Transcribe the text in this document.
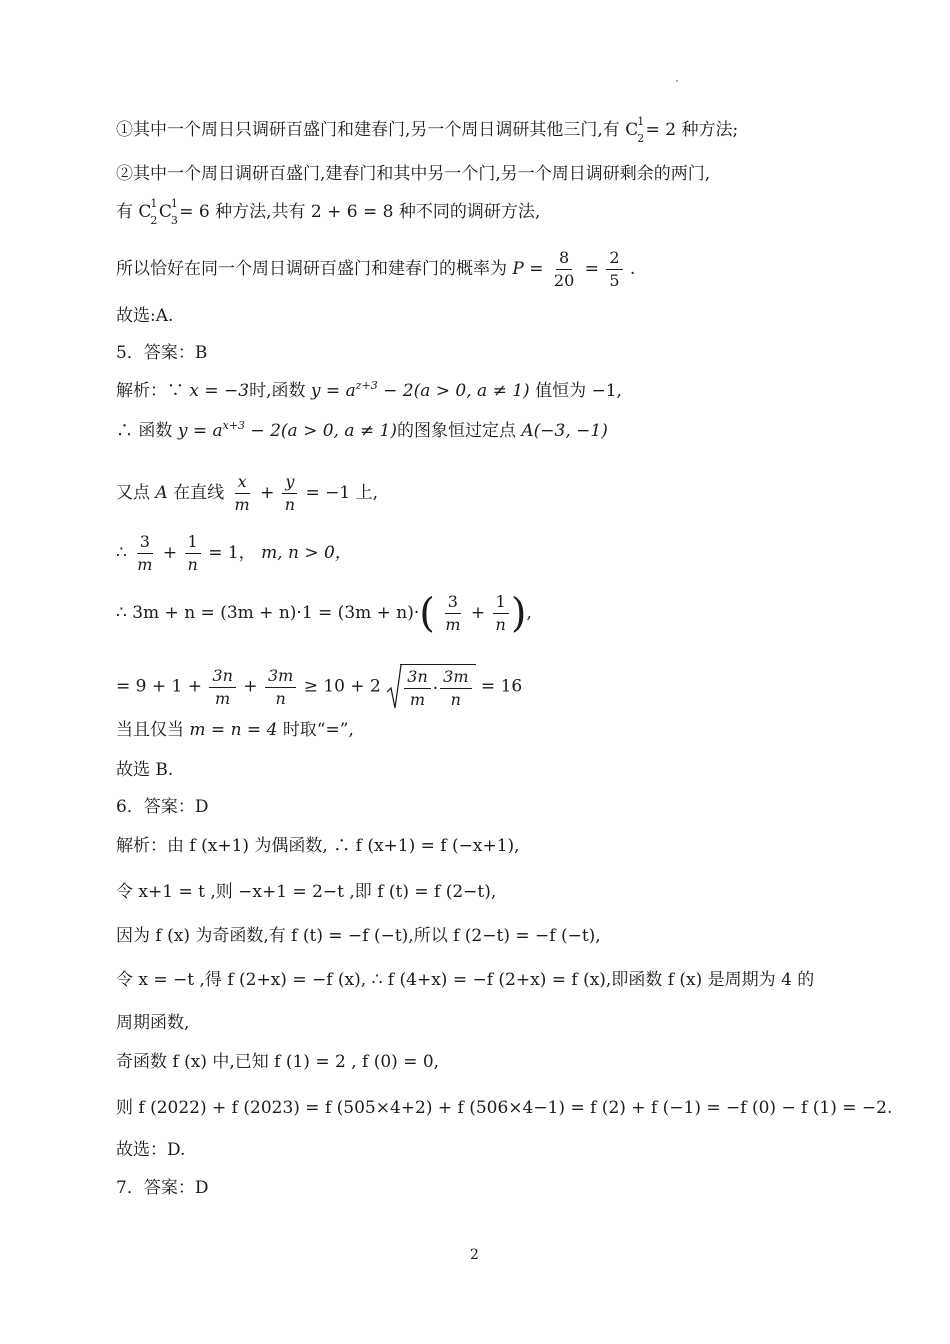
①其中一个周日只调研百盛门和建春门,另一个周日调研其他三门,有 C
1
2 = 2 种方法;
②其中一个周日调研百盛门,建春门和其中另一个门,另一个周日调研剩余的两门,
有 C
1
2 C
1
3 = 6 种方法,共有 2 + 6 = 8 种不同的调研方法,
所以恰好在同一个周日调研百盛门和建春门的概率为 $P = \frac{8}{20} = \frac{2}{5}$ .
故选:A.
5．答案：B
解析：∵ x = −3时,函数 $y = a^{z+3} - 2(a > 0$, a ≠ 1) 值恒为 −1,
∴ 函数 $y = a^{x+3} - 2(a > 0$, a ≠ 1)的图象恒过定点 A(−3, −1)
又点 A 在直线 $\frac{x}{m} + \frac{y}{n} = -1$ 上,
∴ $\frac{3}{m} + \frac{1}{n} = 1$， m, n > 0，
∴ $3m + n = (3m + n)\cdot 1 = (3m + n)\cdot( \frac{3}{m} + \frac{1}{n}$ ),
= $9 + 1 + \frac{3n}{m} + \frac{3m}{n} \ge 10 + 2 \frac{3n}{m} \cdot \frac{3m}{n} = 16$
当且仅当 m = n = 4 时取“=”,
故选 B.
6．答案：D
解析：由 f (x+1) 为偶函数, ∴ f (x+1) = f (−x+1),
令 x+1 = t ,则 −x+1 = 2−t ,即 f (t) = f (2−t),
因为 f (x) 为奇函数,有 f (t) = −f (−t),所以 f (2−t) = −f (−t),
令 x = −t ,得 f (2+x) = −f (x), ∴ f (4+x) = −f (2+x) = f (x),即函数 f (x) 是周期为 4 的
周期函数,
奇函数 f (x) 中,已知 f (1) = 2 , f (0) = 0,
则 f (2022) + f (2023) = f (505×4+2) + f (506×4−1) = f (2) + f (−1) = −f (0) − f (1) = −2.
故选：D.
7．答案：D
2
